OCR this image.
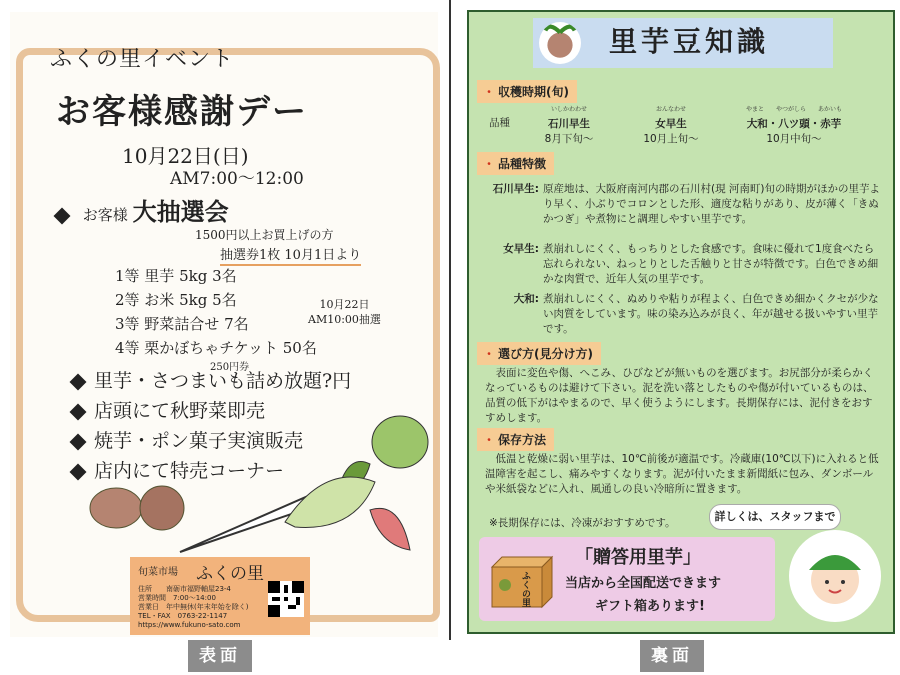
ふくの里イベント
お客様感謝デー
10月22日(日)
AM7:00〜12:00
お客様 大抽選会
1500円以上お買上げの方
抽選券1枚 10月1日より
1等 里芋 5kg 3名
2等 お米 5kg 5名
3等 野菜詰合せ 7名
4等 栗かぼちゃチケット 50名
250円券
10月22日
AM10:00抽選
里芋・さつまいも詰め放題?円
店頭にて秋野菜即売
焼芋・ポン菓子実演販売
店内にて特売コーナー
旬菜市場 ふくの里
住所　　南砺市福野軸屋23-4
営業時間　7:00〜14:00
営業日　年中無休(年末年始を除く)
TEL・FAX　0763-22-1147
https://www.fukuno-sato.com
表面
里芋豆知識
・ 収穫時期(旬)
品種
いしかわわせ
石川早生
8月下旬〜
おんなわせ
女早生
10月上旬〜
やまと　　やつがしら　　あかいも
大和・八ツ頭・赤芋
10月中旬〜
・ 品種特徴
石川早生: 原産地は、大阪府南河内郡の石川村(現 河南町)旬の時期がほかの里芋より早く、小ぶりでコロンとした形、適度な粘りがあり、皮が薄く「きぬかつぎ」や煮物にと調理しやすい里芋です。
女早生: 煮崩れしにくく、もっちりとした食感です。食味に優れて1度食べたら忘れられない、ねっとりとした舌触りと甘さが特徴です。白色できめ細かな肉質で、近年人気の里芋です。
大和: 煮崩れしにくく、ぬめりや粘りが程よく、白色できめ細かくクセが少ない肉質をしています。味の染み込みが良く、年が越せる扱いやすい里芋です。
・ 選び方(見分け方)
表面に変色や傷、へこみ、ひびなどが無いものを選びます。お尻部分が柔らかくなっているものは避けて下さい。泥を洗い落としたものや傷が付いているものは、品質の低下がはやまるので、早く使うようにします。長期保存には、泥付きをおすすめします。
・ 保存方法
低温と乾燥に弱い里芋は、10℃前後が適温です。冷蔵庫(10℃以下)に入れると低温障害を起こし、痛みやすくなります。泥が付いたまま新聞紙に包み、ダンボールや米紙袋などに入れ、風通しの良い冷暗所に置きます。
※長期保存には、冷凍がおすすめです。	詳しくは、スタッフまで
ふくの里
「贈答用里芋」
当店から全国配送できます
ギフト箱あります!
裏面
